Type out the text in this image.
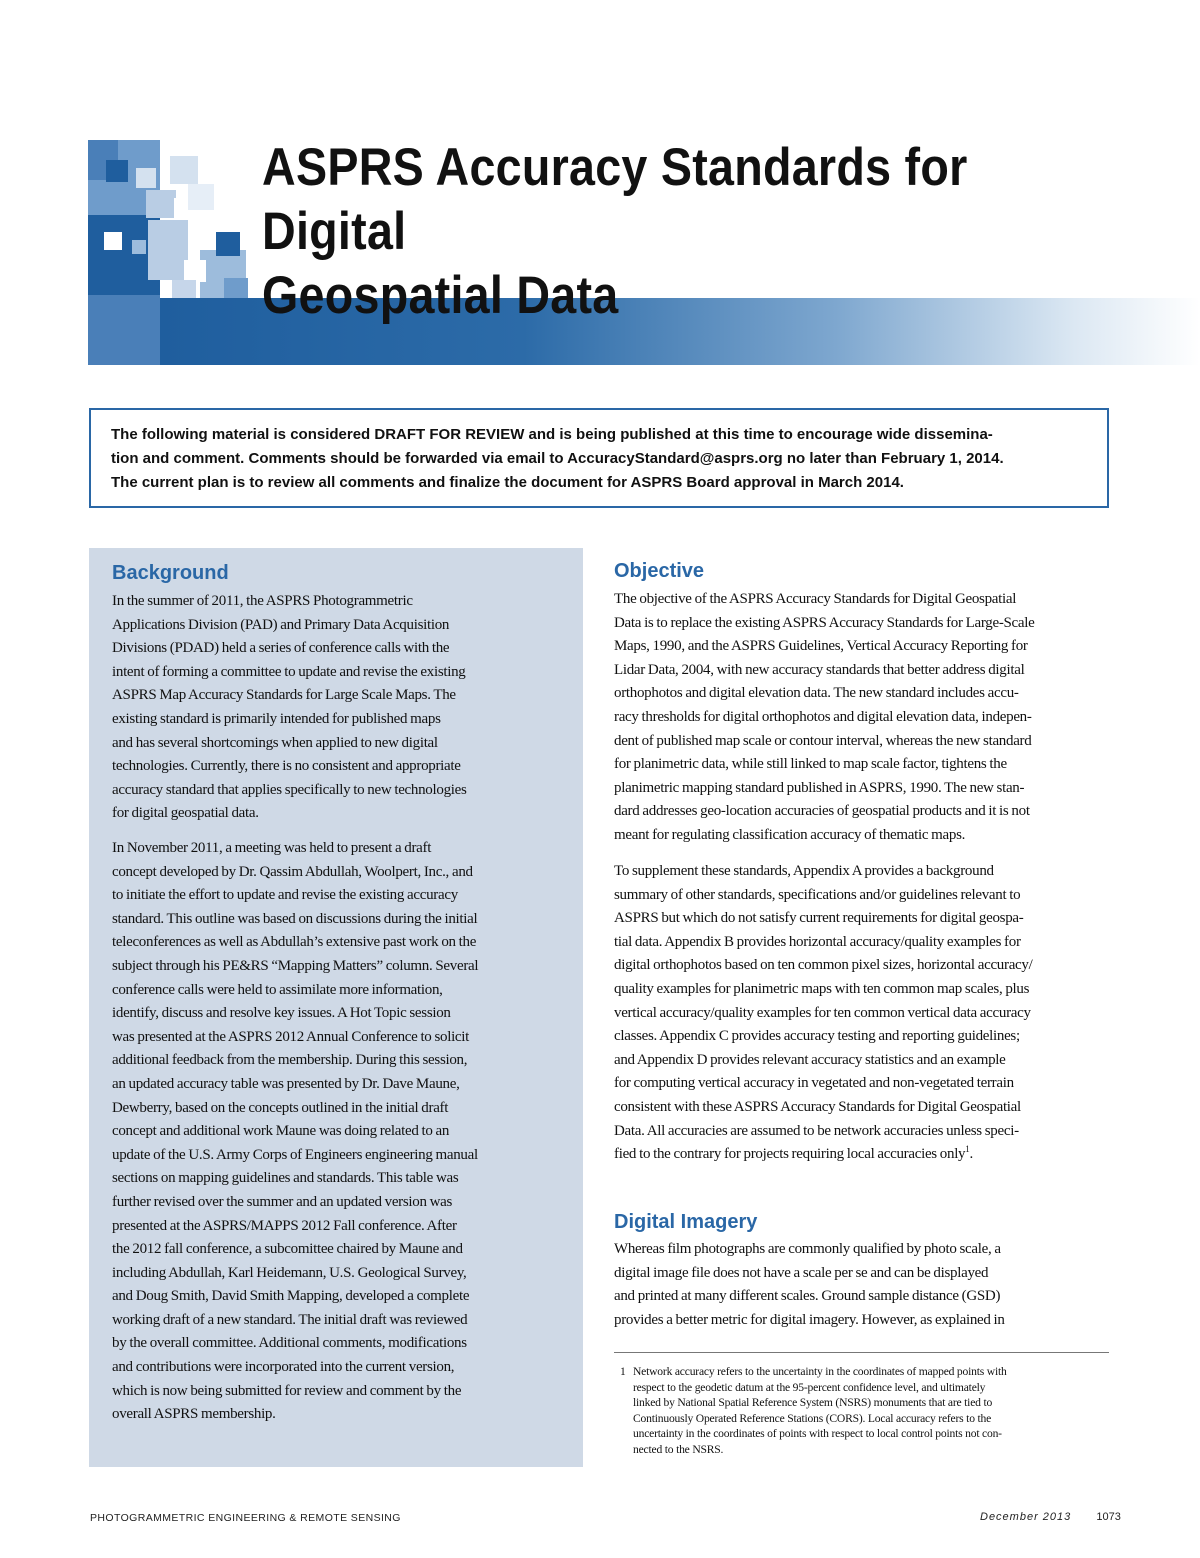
ASPRS Accuracy Standards for Digital
Geospatial Data
The following material is considered DRAFT FOR REVIEW and is being published at this time to encourage wide dissemina-
tion and comment. Comments should be forwarded via email to AccuracyStandard@asprs.org no later than February 1, 2014.
The current plan is to review all comments and finalize the document for ASPRS Board approval in March 2014.
Background

In the summer of 2011, the ASPRS Photogrammetric
Applications Division (PAD) and Primary Data Acquisition
Divisions (PDAD) held a series of conference calls with the
intent of forming a committee to update and revise the existing
ASPRS Map Accuracy Standards for Large Scale Maps. The
existing standard is primarily intended for published maps
and has several shortcomings when applied to new digital
technologies. Currently, there is no consistent and appropriate
accuracy standard that applies specifically to new technologies
for digital geospatial data.

In November 2011, a meeting was held to present a draft
concept developed by Dr. Qassim Abdullah, Woolpert, Inc., and
to initiate the effort to update and revise the existing accuracy
standard. This outline was based on discussions during the initial
teleconferences as well as Abdullah’s extensive past work on the
subject through his PE&RS “Mapping Matters” column. Several
conference calls were held to assimilate more information,
identify, discuss and resolve key issues. A Hot Topic session
was presented at the ASPRS 2012 Annual Conference to solicit
additional feedback from the membership. During this session,
an updated accuracy table was presented by Dr. Dave Maune,
Dewberry, based on the concepts outlined in the initial draft
concept and additional work Maune was doing related to an
update of the U.S. Army Corps of Engineers engineering manual
sections on mapping guidelines and standards. This table was
further revised over the summer and an updated version was
presented at the ASPRS/MAPPS 2012 Fall conference. After
the 2012 fall conference, a subcomittee chaired by Maune and
including Abdullah, Karl Heidemann, U.S. Geological Survey,
and Doug Smith, David Smith Mapping, developed a complete
working draft of a new standard. The initial draft was reviewed
by the overall committee. Additional comments, modifications
and contributions were incorporated into the current version,
which is now being submitted for review and comment by the
overall ASPRS membership.

Objective

The objective of the ASPRS Accuracy Standards for Digital Geospatial
Data is to replace the existing ASPRS Accuracy Standards for Large-Scale
Maps, 1990, and the ASPRS Guidelines, Vertical Accuracy Reporting for
Lidar Data, 2004, with new accuracy standards that better address digital
orthophotos and digital elevation data. The new standard includes accu-
racy thresholds for digital orthophotos and digital elevation data, indepen-
dent of published map scale or contour interval, whereas the new standard
for planimetric data, while still linked to map scale factor, tightens the
planimetric mapping standard published in ASPRS, 1990. The new stan-
dard addresses geo-location accuracies of geospatial products and it is not
meant for regulating classification accuracy of thematic maps.

To supplement these standards, Appendix A provides a background
summary of other standards, specifications and/or guidelines relevant to
ASPRS but which do not satisfy current requirements for digital geospa-
tial data. Appendix B provides horizontal accuracy/quality examples for
digital orthophotos based on ten common pixel sizes, horizontal accuracy/
quality examples for planimetric maps with ten common map scales, plus
vertical accuracy/quality examples for ten common vertical data accuracy
classes. Appendix C provides accuracy testing and reporting guidelines;
and Appendix D provides relevant accuracy statistics and an example
for computing vertical accuracy in vegetated and non-vegetated terrain
consistent with these ASPRS Accuracy Standards for Digital Geospatial
Data. All accuracies are assumed to be network accuracies unless speci-
fied to the contrary for projects requiring local accuracies only$^1$.

Digital Imagery

Whereas film photographs are commonly qualified by photo scale, a
digital image file does not have a scale per se and can be displayed
and printed at many different scales. Ground sample distance (GSD)
provides a better metric for digital imagery. However, as explained in

1 Network accuracy refers to the uncertainty in the coordinates of mapped points with
respect to the geodetic datum at the 95-percent confidence level, and ultimately
linked by National Spatial Reference System (NSRS) monuments that are tied to
Continuously Operated Reference Stations (CORS). Local accuracy refers to the
uncertainty in the coordinates of points with respect to local control points not con-
nected to the NSRS.

PHOTOGRAMMETRIC ENGINEERING & REMOTE SENSING	December 2013 1073
